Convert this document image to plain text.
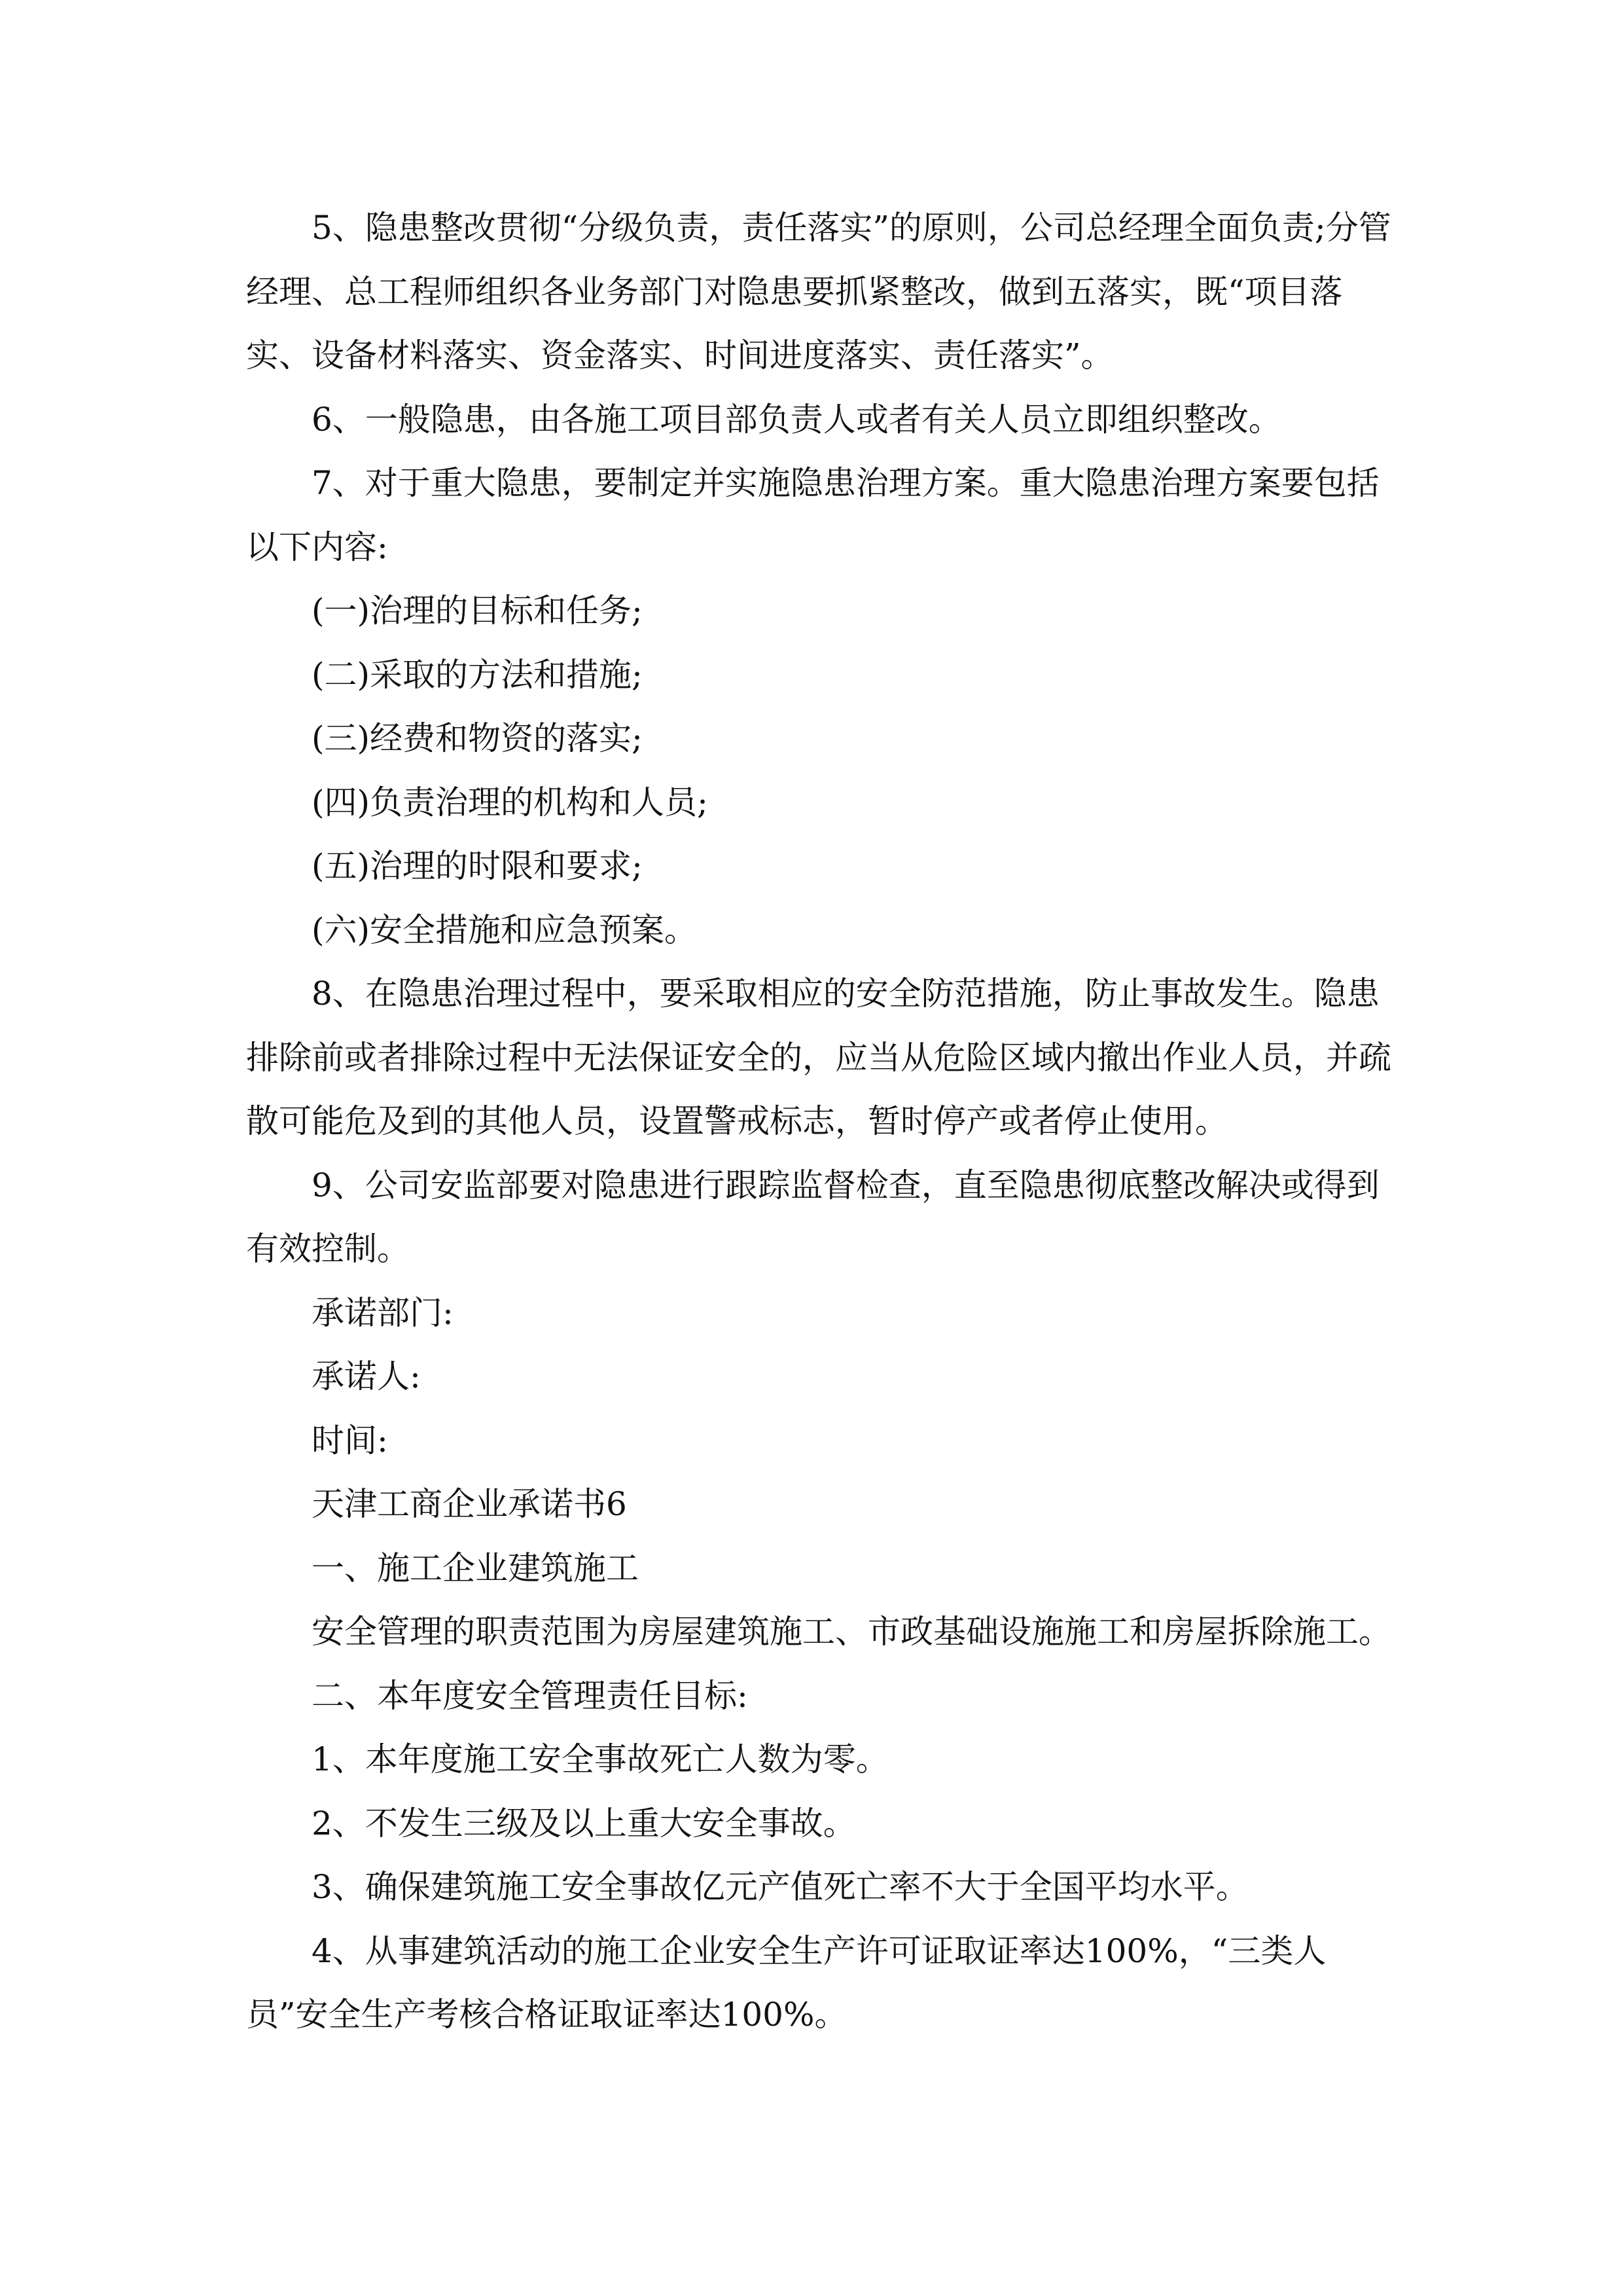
5、隐患整改贯彻“分级负责，责任落实”的原则，公司总经理全面负责;分管经理、总工程师组织各业务部门对隐患要抓紧整改，做到五落实，既“项目落实、设备材料落实、资金落实、时间进度落实、责任落实”。

6、一般隐患，由各施工项目部负责人或者有关人员立即组织整改。

7、对于重大隐患，要制定并实施隐患治理方案。重大隐患治理方案要包括以下内容:

(一)治理的目标和任务;

(二)采取的方法和措施;

(三)经费和物资的落实;

(四)负责治理的机构和人员;

(五)治理的时限和要求;

(六)安全措施和应急预案。

8、在隐患治理过程中，要采取相应的安全防范措施，防止事故发生。隐患排除前或者排除过程中无法保证安全的，应当从危险区域内撤出作业人员，并疏散可能危及到的其他人员，设置警戒标志，暂时停产或者停止使用。

9、公司安监部要对隐患进行跟踪监督检查，直至隐患彻底整改解决或得到有效控制。

承诺部门:

承诺人:

时间:

天津工商企业承诺书6

一、施工企业建筑施工

安全管理的职责范围为房屋建筑施工、市政基础设施施工和房屋拆除施工。

二、本年度安全管理责任目标:

1、本年度施工安全事故死亡人数为零。

2、不发生三级及以上重大安全事故。

3、确保建筑施工安全事故亿元产值死亡率不大于全国平均水平。

4、从事建筑活动的施工企业安全生产许可证取证率达100%，“三类人员”安全生产考核合格证取证率达100%。
